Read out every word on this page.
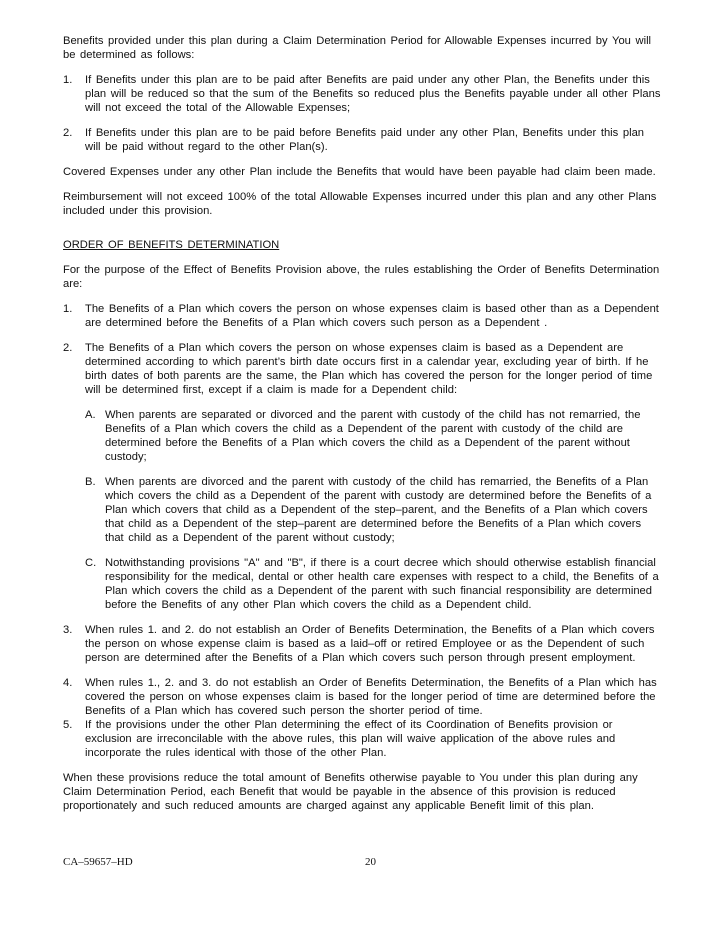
Benefits provided under this plan during a Claim Determination Period for Allowable Expenses incurred by You will be determined as follows:

1. If Benefits under this plan are to be paid after Benefits are paid under any other Plan, the Benefits under this plan will be reduced so that the sum of the Benefits so reduced plus the Benefits payable under all other Plans will not exceed the total of the Allowable Expenses;
2. If Benefits under this plan are to be paid before Benefits paid under any other Plan, Benefits under this plan will be paid without regard to the other Plan(s).

Covered Expenses under any other Plan include the Benefits that would have been payable had claim been made.

Reimbursement will not exceed 100% of the total Allowable Expenses incurred under this plan and any other Plans included under this provision.

ORDER OF BENEFITS DETERMINATION

For the purpose of the Effect of Benefits Provision above, the rules establishing the Order of Benefits Determination are:

1. The Benefits of a Plan which covers the person on whose expenses claim is based other than as a Dependent are determined before the Benefits of a Plan which covers such person as a Dependent .
2. The Benefits of a Plan which covers the person on whose expenses claim is based as a Dependent are determined according to which parent’s birth date occurs first in a calendar year, excluding year of birth. If he birth dates of both parents are the same, the Plan which has covered the person for the longer period of time will be determined first, except if a claim is made for a Dependent child:
A. When parents are separated or divorced and the parent with custody of the child has not remarried, the Benefits of a Plan which covers the child as a Dependent of the parent with custody of the child are determined before the Benefits of a Plan which covers the child as a Dependent of the parent without custody;
B. When parents are divorced and the parent with custody of the child has remarried, the Benefits of a Plan which covers the child as a Dependent of the parent with custody are determined before the Benefits of a Plan which covers that child as a Dependent of the step–parent, and the Benefits of a Plan which covers that child as a Dependent of the step–parent are determined before the Benefits of a Plan which covers that child as a Dependent of the parent without custody;
C. Notwithstanding provisions "A" and "B", if there is a court decree which should otherwise establish financial responsibility for the medical, dental or other health care expenses with respect to a child, the Benefits of a Plan which covers the child as a Dependent of the parent with such financial responsibility are determined before the Benefits of any other Plan which covers the child as a Dependent child.
3. When rules 1. and 2. do not establish an Order of Benefits Determination, the Benefits of a Plan which covers the person on whose expense claim is based as a laid–off or retired Employee or as the Dependent of such person are determined after the Benefits of a Plan which covers such person through present employment.
4. When rules 1., 2. and 3. do not establish an Order of Benefits Determination, the Benefits of a Plan which has covered the person on whose expenses claim is based for the longer period of time are determined before the Benefits of a Plan which has covered such person the shorter period of time.
5. If the provisions under the other Plan determining the effect of its Coordination of Benefits provision or exclusion are irreconcilable with the above rules, this plan will waive application of the above rules and incorporate the rules identical with those of the other Plan.

When these provisions reduce the total amount of Benefits otherwise payable to You under this plan during any Claim Determination Period, each Benefit that would be payable in the absence of this provision is reduced proportionately and such reduced amounts are charged against any applicable Benefit limit of this plan.

CA–59657–HD	20
